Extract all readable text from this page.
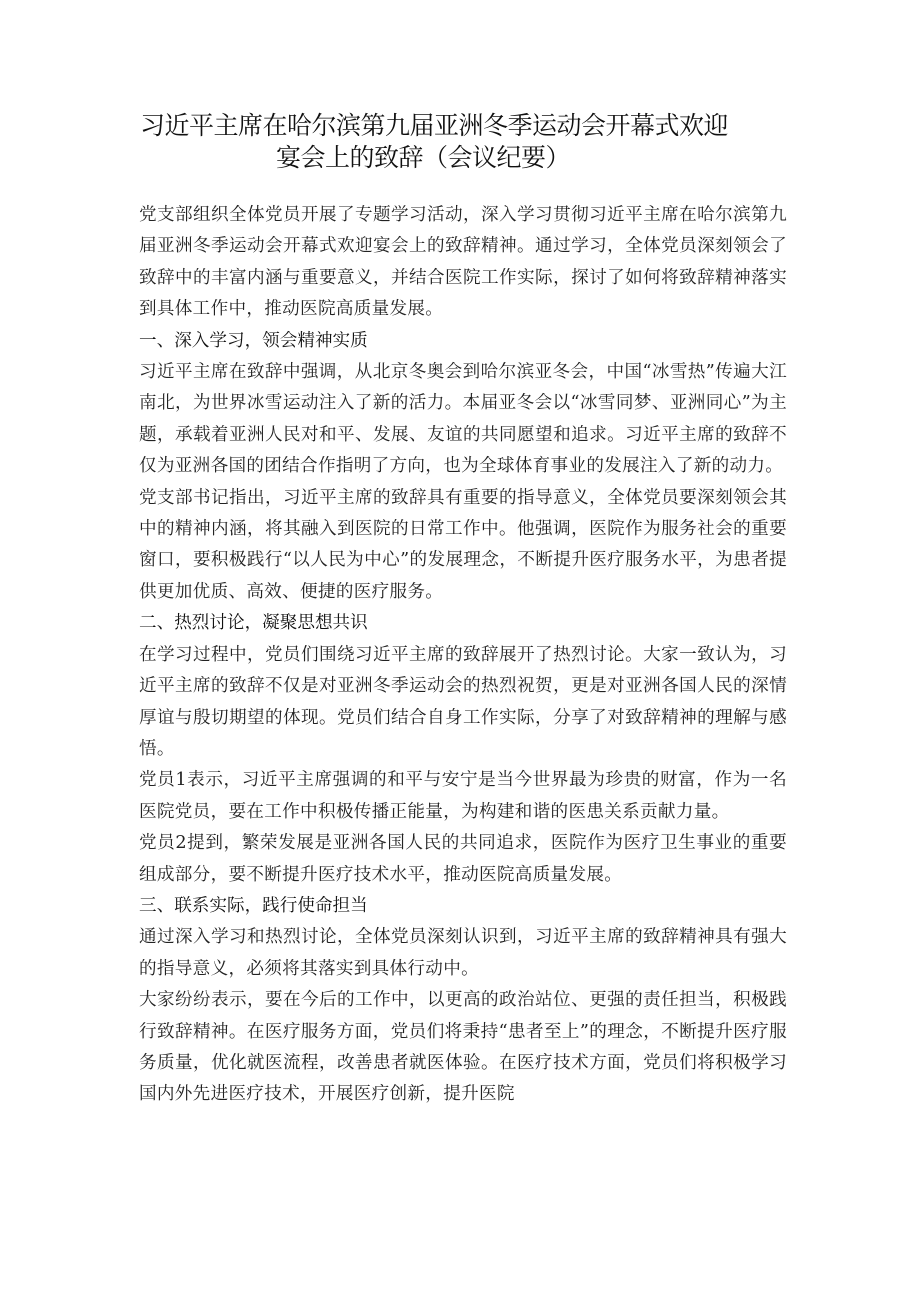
习近平主席在哈尔滨第九届亚洲冬季运动会开幕式欢迎
宴会上的致辞（会议纪要）

党支部组织全体党员开展了专题学习活动，深入学习贯彻习近平主席在哈尔滨第九届亚洲冬季运动会开幕式欢迎宴会上的致辞精神。通过学习，全体党员深刻领会了致辞中的丰富内涵与重要意义，并结合医院工作实际，探讨了如何将致辞精神落实到具体工作中，推动医院高质量发展。

一、深入学习，领会精神实质

习近平主席在致辞中强调，从北京冬奥会到哈尔滨亚冬会，中国“冰雪热”传遍大江南北，为世界冰雪运动注入了新的活力。本届亚冬会以“冰雪同梦、亚洲同心”为主题，承载着亚洲人民对和平、发展、友谊的共同愿望和追求。习近平主席的致辞不仅为亚洲各国的团结合作指明了方向，也为全球体育事业的发展注入了新的动力。

党支部书记指出，习近平主席的致辞具有重要的指导意义，全体党员要深刻领会其中的精神内涵，将其融入到医院的日常工作中。他强调，医院作为服务社会的重要窗口，要积极践行“以人民为中心”的发展理念，不断提升医疗服务水平，为患者提供更加优质、高效、便捷的医疗服务。

二、热烈讨论，凝聚思想共识

在学习过程中，党员们围绕习近平主席的致辞展开了热烈讨论。大家一致认为，习近平主席的致辞不仅是对亚洲冬季运动会的热烈祝贺，更是对亚洲各国人民的深情厚谊与殷切期望的体现。党员们结合自身工作实际，分享了对致辞精神的理解与感悟。

党员1表示，习近平主席强调的和平与安宁是当今世界最为珍贵的财富，作为一名医院党员，要在工作中积极传播正能量，为构建和谐的医患关系贡献力量。

党员2提到，繁荣发展是亚洲各国人民的共同追求，医院作为医疗卫生事业的重要组成部分，要不断提升医疗技术水平，推动医院高质量发展。

三、联系实际，践行使命担当

通过深入学习和热烈讨论，全体党员深刻认识到，习近平主席的致辞精神具有强大的指导意义，必须将其落实到具体行动中。

大家纷纷表示，要在今后的工作中，以更高的政治站位、更强的责任担当，积极践行致辞精神。在医疗服务方面，党员们将秉持“患者至上”的理念，不断提升医疗服务质量，优化就医流程，改善患者就医体验。在医疗技术方面，党员们将积极学习国内外先进医疗技术，开展医疗创新，提升医院
